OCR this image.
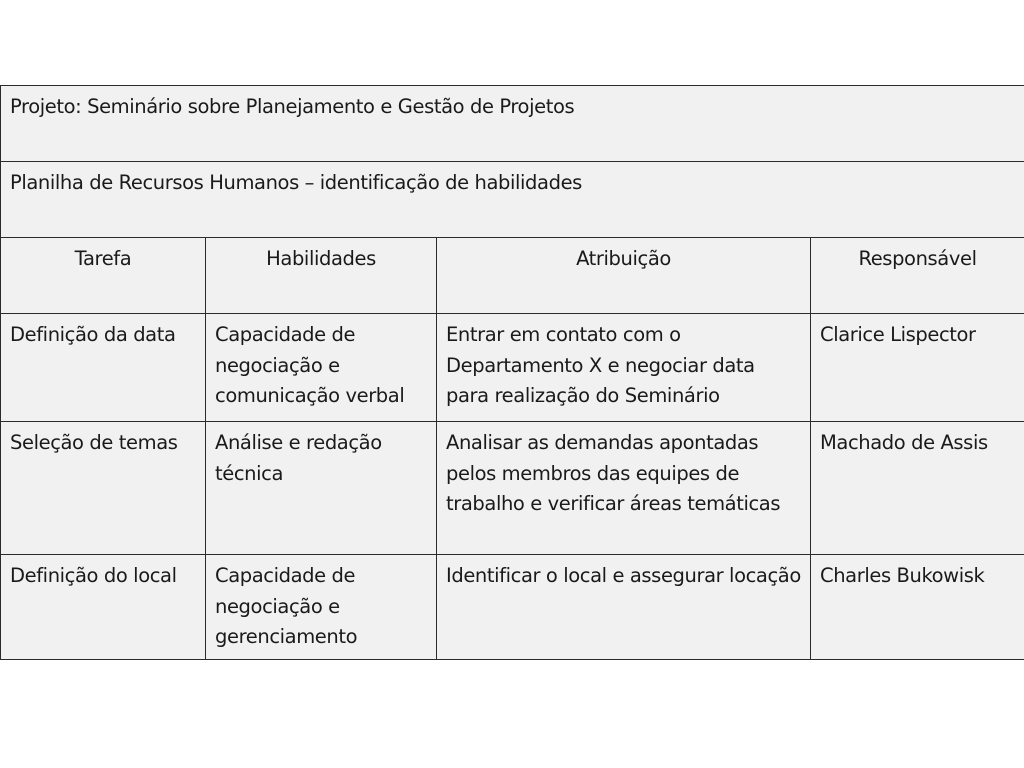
Projeto: Seminário sobre Planejamento e Gestão de Projetos			
Planilha de Recursos Humanos – identificação de habilidades			
Tarefa	Habilidades	Atribuição	Responsável
Definição da data	Capacidade de negociação e comunicação verbal	Entrar em contato com o Departamento X e negociar data para realização do Seminário	Clarice Lispector
Seleção de temas	Análise e redação técnica	Analisar as demandas apontadas pelos membros das equipes de trabalho e verificar áreas temáticas	Machado de Assis
Definição do local	Capacidade de negociação e gerenciamento	Identificar o local e assegurar locação	Charles Bukowisk
